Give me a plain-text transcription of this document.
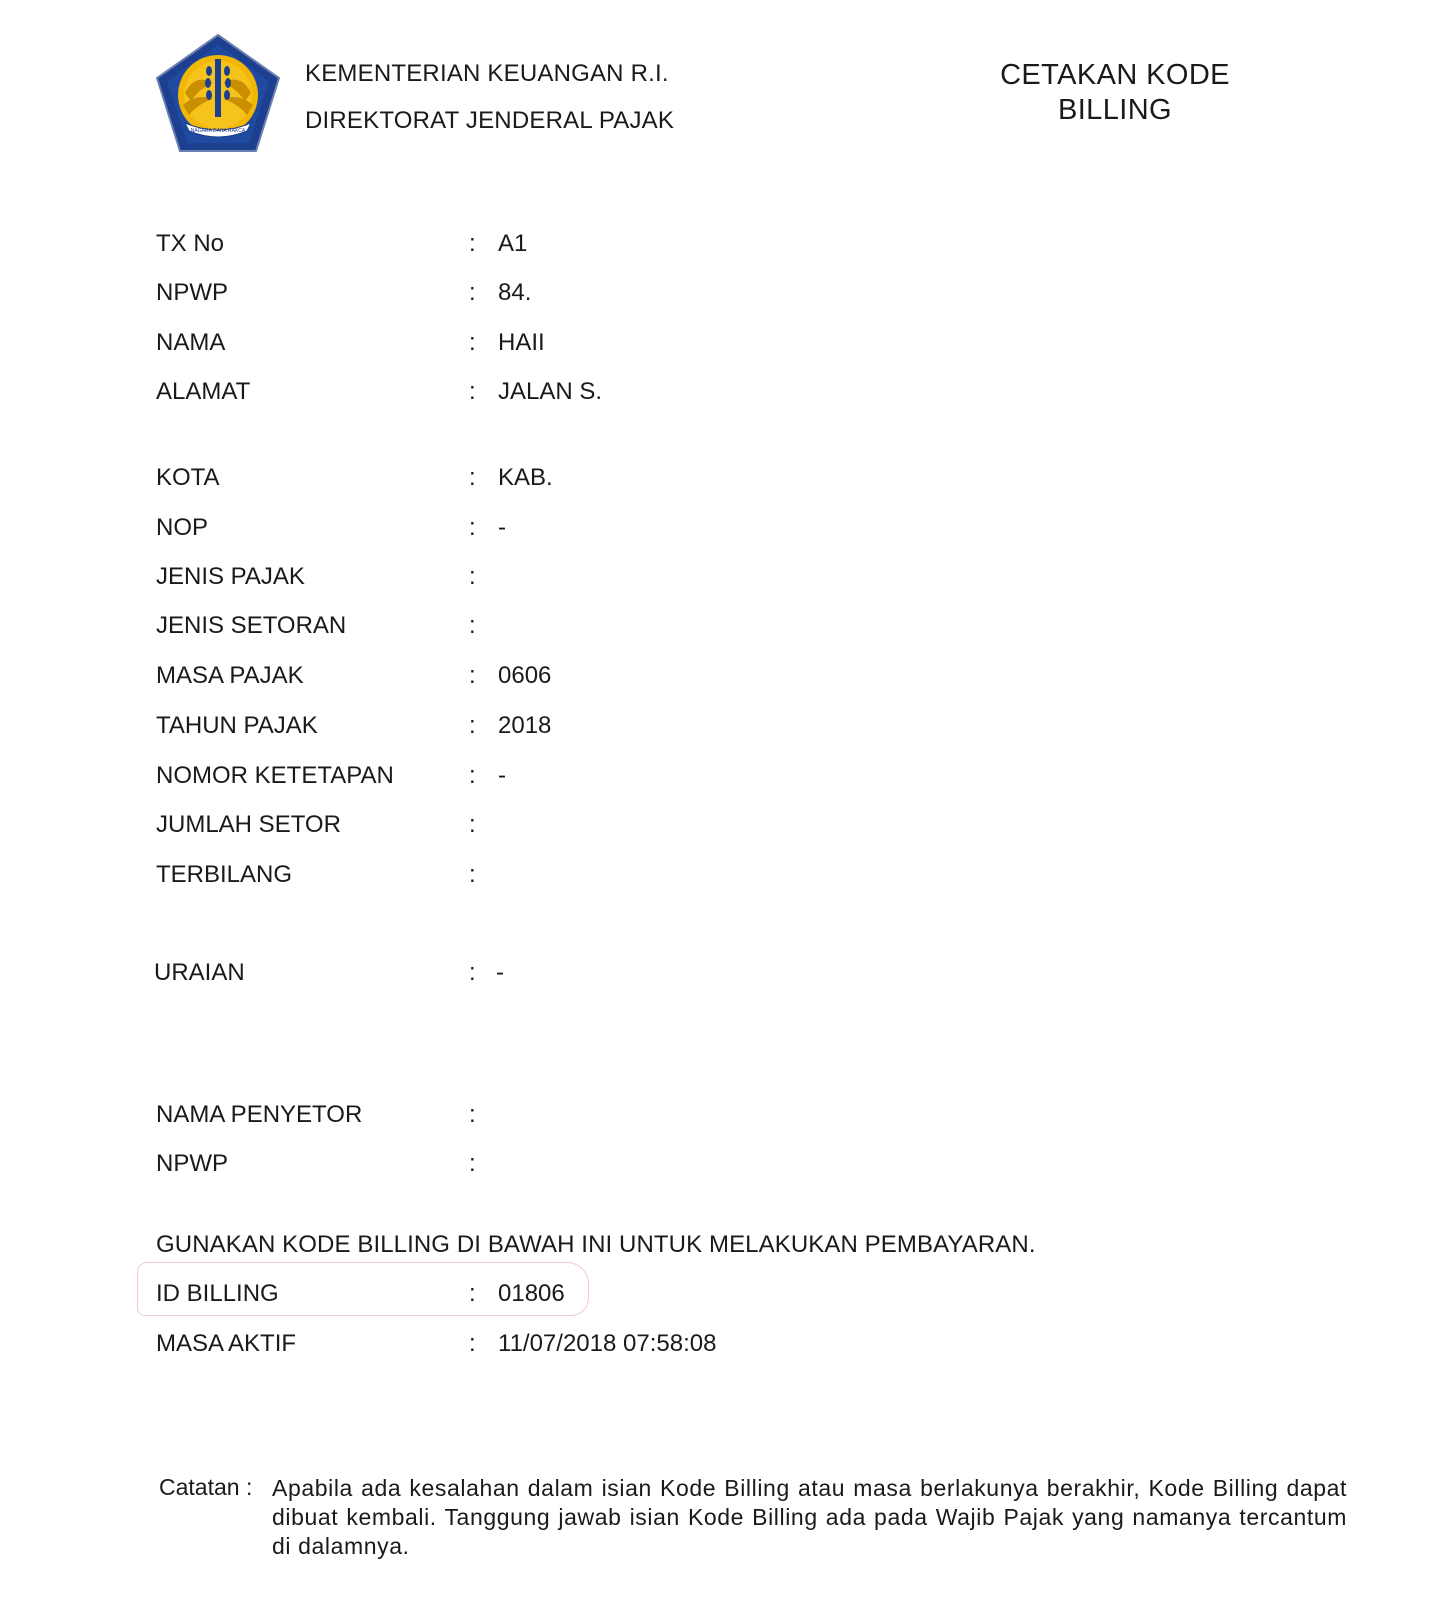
NAGARA DANA RAKCA
KEMENTERIAN KEUANGAN R.I.
DIREKTORAT JENDERAL PAJAK
CETAKAN KODE
BILLING
TX No	: A1
NPWP	: 84.
NAMA	: HAII
ALAMAT	: JALAN S.
KOTA	: KAB.
NOP	: -
JENIS PAJAK	:
JENIS SETORAN	:
MASA PAJAK	: 0606
TAHUN PAJAK	: 2018
NOMOR KETETAPAN	: -
JUMLAH SETOR	:
TERBILANG	:
URAIAN	: -
NAMA PENYETOR	:
NPWP	:
GUNAKAN KODE BILLING DI BAWAH INI UNTUK MELAKUKAN PEMBAYARAN.
ID BILLING	: 01806
MASA AKTIF	: 11/07/2018 07:58:08
Catatan : Apabila ada kesalahan dalam isian Kode Billing atau masa berlakunya berakhir, Kode Billing dapat dibuat kembali. Tanggung jawab isian Kode Billing ada pada Wajib Pajak yang namanya tercantum di dalamnya.
